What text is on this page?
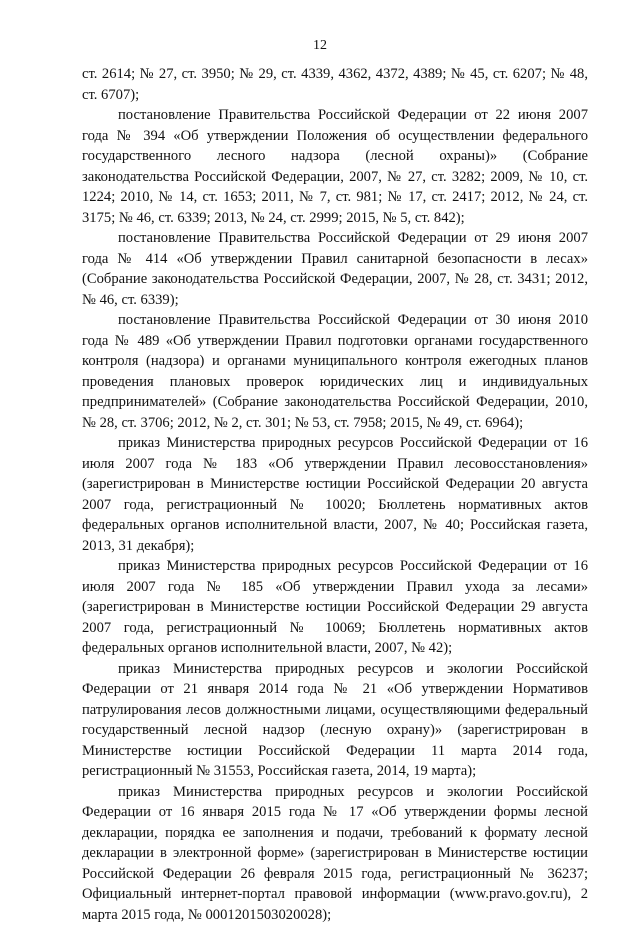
12

ст. 2614; № 27, ст. 3950; № 29, ст. 4339, 4362, 4372, 4389; № 45, ст. 6207; № 48, ст. 6707);

постановление Правительства Российской Федерации от 22 июня 2007 года № 394 «Об утверждении Положения об осуществлении федерального государственного лесного надзора (лесной охраны)» (Собрание законодательства Российской Федерации, 2007, № 27, ст. 3282; 2009, № 10, ст. 1224; 2010, № 14, ст. 1653; 2011, № 7, ст. 981; № 17, ст. 2417; 2012, № 24, ст. 3175; № 46, ст. 6339; 2013, № 24, ст. 2999; 2015, № 5, ст. 842);

постановление Правительства Российской Федерации от 29 июня 2007 года № 414 «Об утверждении Правил санитарной безопасности в лесах» (Собрание законодательства Российской Федерации, 2007, № 28, ст. 3431; 2012, № 46, ст. 6339);

постановление Правительства Российской Федерации от 30 июня 2010 года № 489 «Об утверждении Правил подготовки органами государственного контроля (надзора) и органами муниципального контроля ежегодных планов проведения плановых проверок юридических лиц и индивидуальных предпринимателей» (Собрание законодательства Российской Федерации, 2010, № 28, ст. 3706; 2012, № 2, ст. 301; № 53, ст. 7958; 2015, № 49, ст. 6964);

приказ Министерства природных ресурсов Российской Федерации от 16 июля 2007 года № 183 «Об утверждении Правил лесовосстановления» (зарегистрирован в Министерстве юстиции Российской Федерации 20 августа 2007 года, регистрационный № 10020; Бюллетень нормативных актов федеральных органов исполнительной власти, 2007, № 40; Российская газета, 2013, 31 декабря);

приказ Министерства природных ресурсов Российской Федерации от 16 июля 2007 года № 185 «Об утверждении Правил ухода за лесами» (зарегистрирован в Министерстве юстиции Российской Федерации 29 августа 2007 года, регистрационный № 10069; Бюллетень нормативных актов федеральных органов исполнительной власти, 2007, № 42);

приказ Министерства природных ресурсов и экологии Российской Федерации от 21 января 2014 года № 21 «Об утверждении Нормативов патрулирования лесов должностными лицами, осуществляющими федеральный государственный лесной надзор (лесную охрану)» (зарегистрирован в Министерстве юстиции Российской Федерации 11 марта 2014 года, регистрационный № 31553, Российская газета, 2014, 19 марта);

приказ Министерства природных ресурсов и экологии Российской Федерации от 16 января 2015 года № 17 «Об утверждении формы лесной декларации, порядка ее заполнения и подачи, требований к формату лесной декларации в электронной форме» (зарегистрирован в Министерстве юстиции Российской Федерации 26 февраля 2015 года, регистрационный № 36237; Официальный интернет-портал правовой информации (www.pravo.gov.ru), 2 марта 2015 года, № 0001201503020028);
